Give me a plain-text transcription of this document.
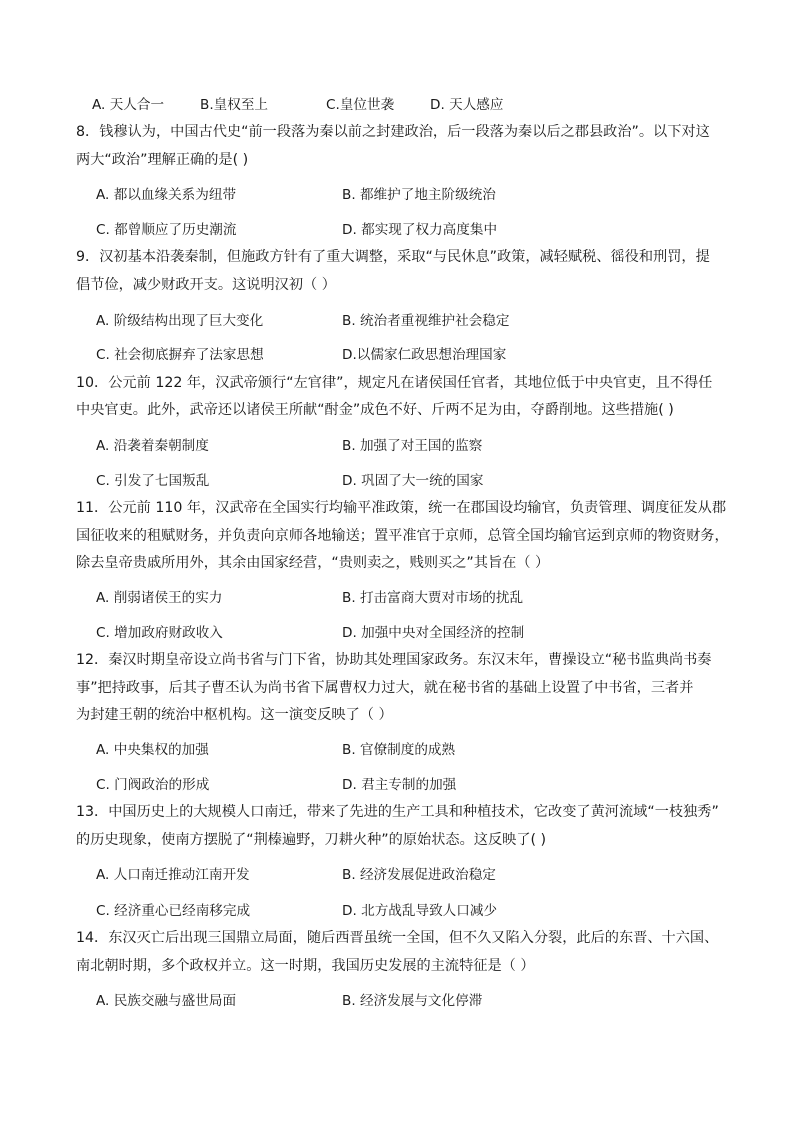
A. 天人合一	B.皇权至上	C.皇位世袭	D. 天人感应
8．钱穆认为，中国古代史“前一段落为秦以前之封建政治，后一段落为秦以后之郡县政治”。以下对这
两大“政治”理解正确的是( )
A. 都以血缘关系为纽带	B. 都维护了地主阶级统治
C. 都曾顺应了历史潮流	D. 都实现了权力高度集中
9．汉初基本沿袭秦制，但施政方针有了重大调整，采取“与民休息”政策，减轻赋税、徭役和刑罚，提
倡节俭，减少财政开支。这说明汉初（ ）
A. 阶级结构出现了巨大变化	B. 统治者重视维护社会稳定
C. 社会彻底摒弃了法家思想	D.以儒家仁政思想治理国家
10．公元前 122 年，汉武帝颁行“左官律”，规定凡在诸侯国任官者，其地位低于中央官吏，且不得任
中央官吏。此外，武帝还以诸侯王所献“酎金”成色不好、斤两不足为由，夺爵削地。这些措施( )
A. 沿袭着秦朝制度	B. 加强了对王国的监察
C. 引发了七国叛乱	D. 巩固了大一统的国家
11．公元前 110 年，汉武帝在全国实行均输平准政策，统一在郡国设均输官，负责管理、调度征发从郡
国征收来的租赋财务，并负责向京师各地输送；置平准官于京师，总管全国均输官运到京师的物资财务，
除去皇帝贵戚所用外，其余由国家经营，“贵则卖之，贱则买之”其旨在（ ）
A. 削弱诸侯王的实力	B. 打击富商大贾对市场的扰乱
C. 增加政府财政收入	D. 加强中央对全国经济的控制
12．秦汉时期皇帝设立尚书省与门下省，协助其处理国家政务。东汉末年，曹操设立“秘书监典尚书奏
事”把持政事，后其子曹丕认为尚书省下属曹权力过大，就在秘书省的基础上设置了中书省，三者并
为封建王朝的统治中枢机构。这一演变反映了（ ）
A. 中央集权的加强	B. 官僚制度的成熟
C. 门阀政治的形成	D. 君主专制的加强
13．中国历史上的大规模人口南迁，带来了先进的生产工具和种植技术，它改变了黄河流域“一枝独秀”
的历史现象，使南方摆脱了“荆榛遍野，刀耕火种”的原始状态。这反映了( )
A. 人口南迁推动江南开发	B. 经济发展促进政治稳定
C. 经济重心已经南移完成	D. 北方战乱导致人口减少
14．东汉灭亡后出现三国鼎立局面，随后西晋虽统一全国，但不久又陷入分裂，此后的东晋、十六国、
南北朝时期，多个政权并立。这一时期，我国历史发展的主流特征是（ ）
A. 民族交融与盛世局面	B. 经济发展与文化停滞
